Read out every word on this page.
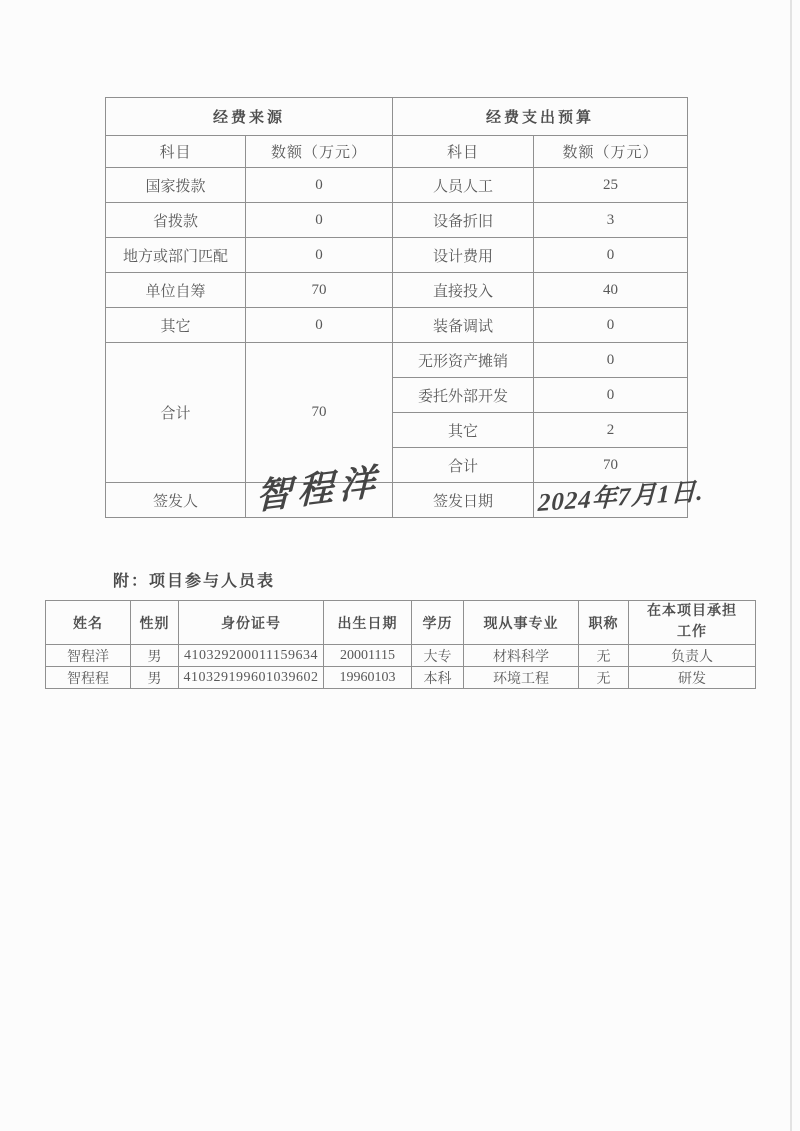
经费来源		经费支出预算	
科目	数额（万元）	科目	数额（万元）
国家拨款	0	人员人工	25
省拨款	0	设备折旧	3
地方或部门匹配	0	设计费用	0
单位自筹	70	直接投入	40
其它	0	装备调试	0
合计	70	无形资产摊销	0
		委托外部开发	0
		其它	2
		合计	70
签发人	智程洋	签发日期	2024年7月1日.
附：项目参与人员表
姓名	性别	身份证号	出生日期	学历	现从事专业	职称	在本项目承担工作
智程洋	男	410329200011159634	20001115	大专	材料科学	无	负责人
智程程	男	410329199601039602	19960103	本科	环境工程	无	研发
